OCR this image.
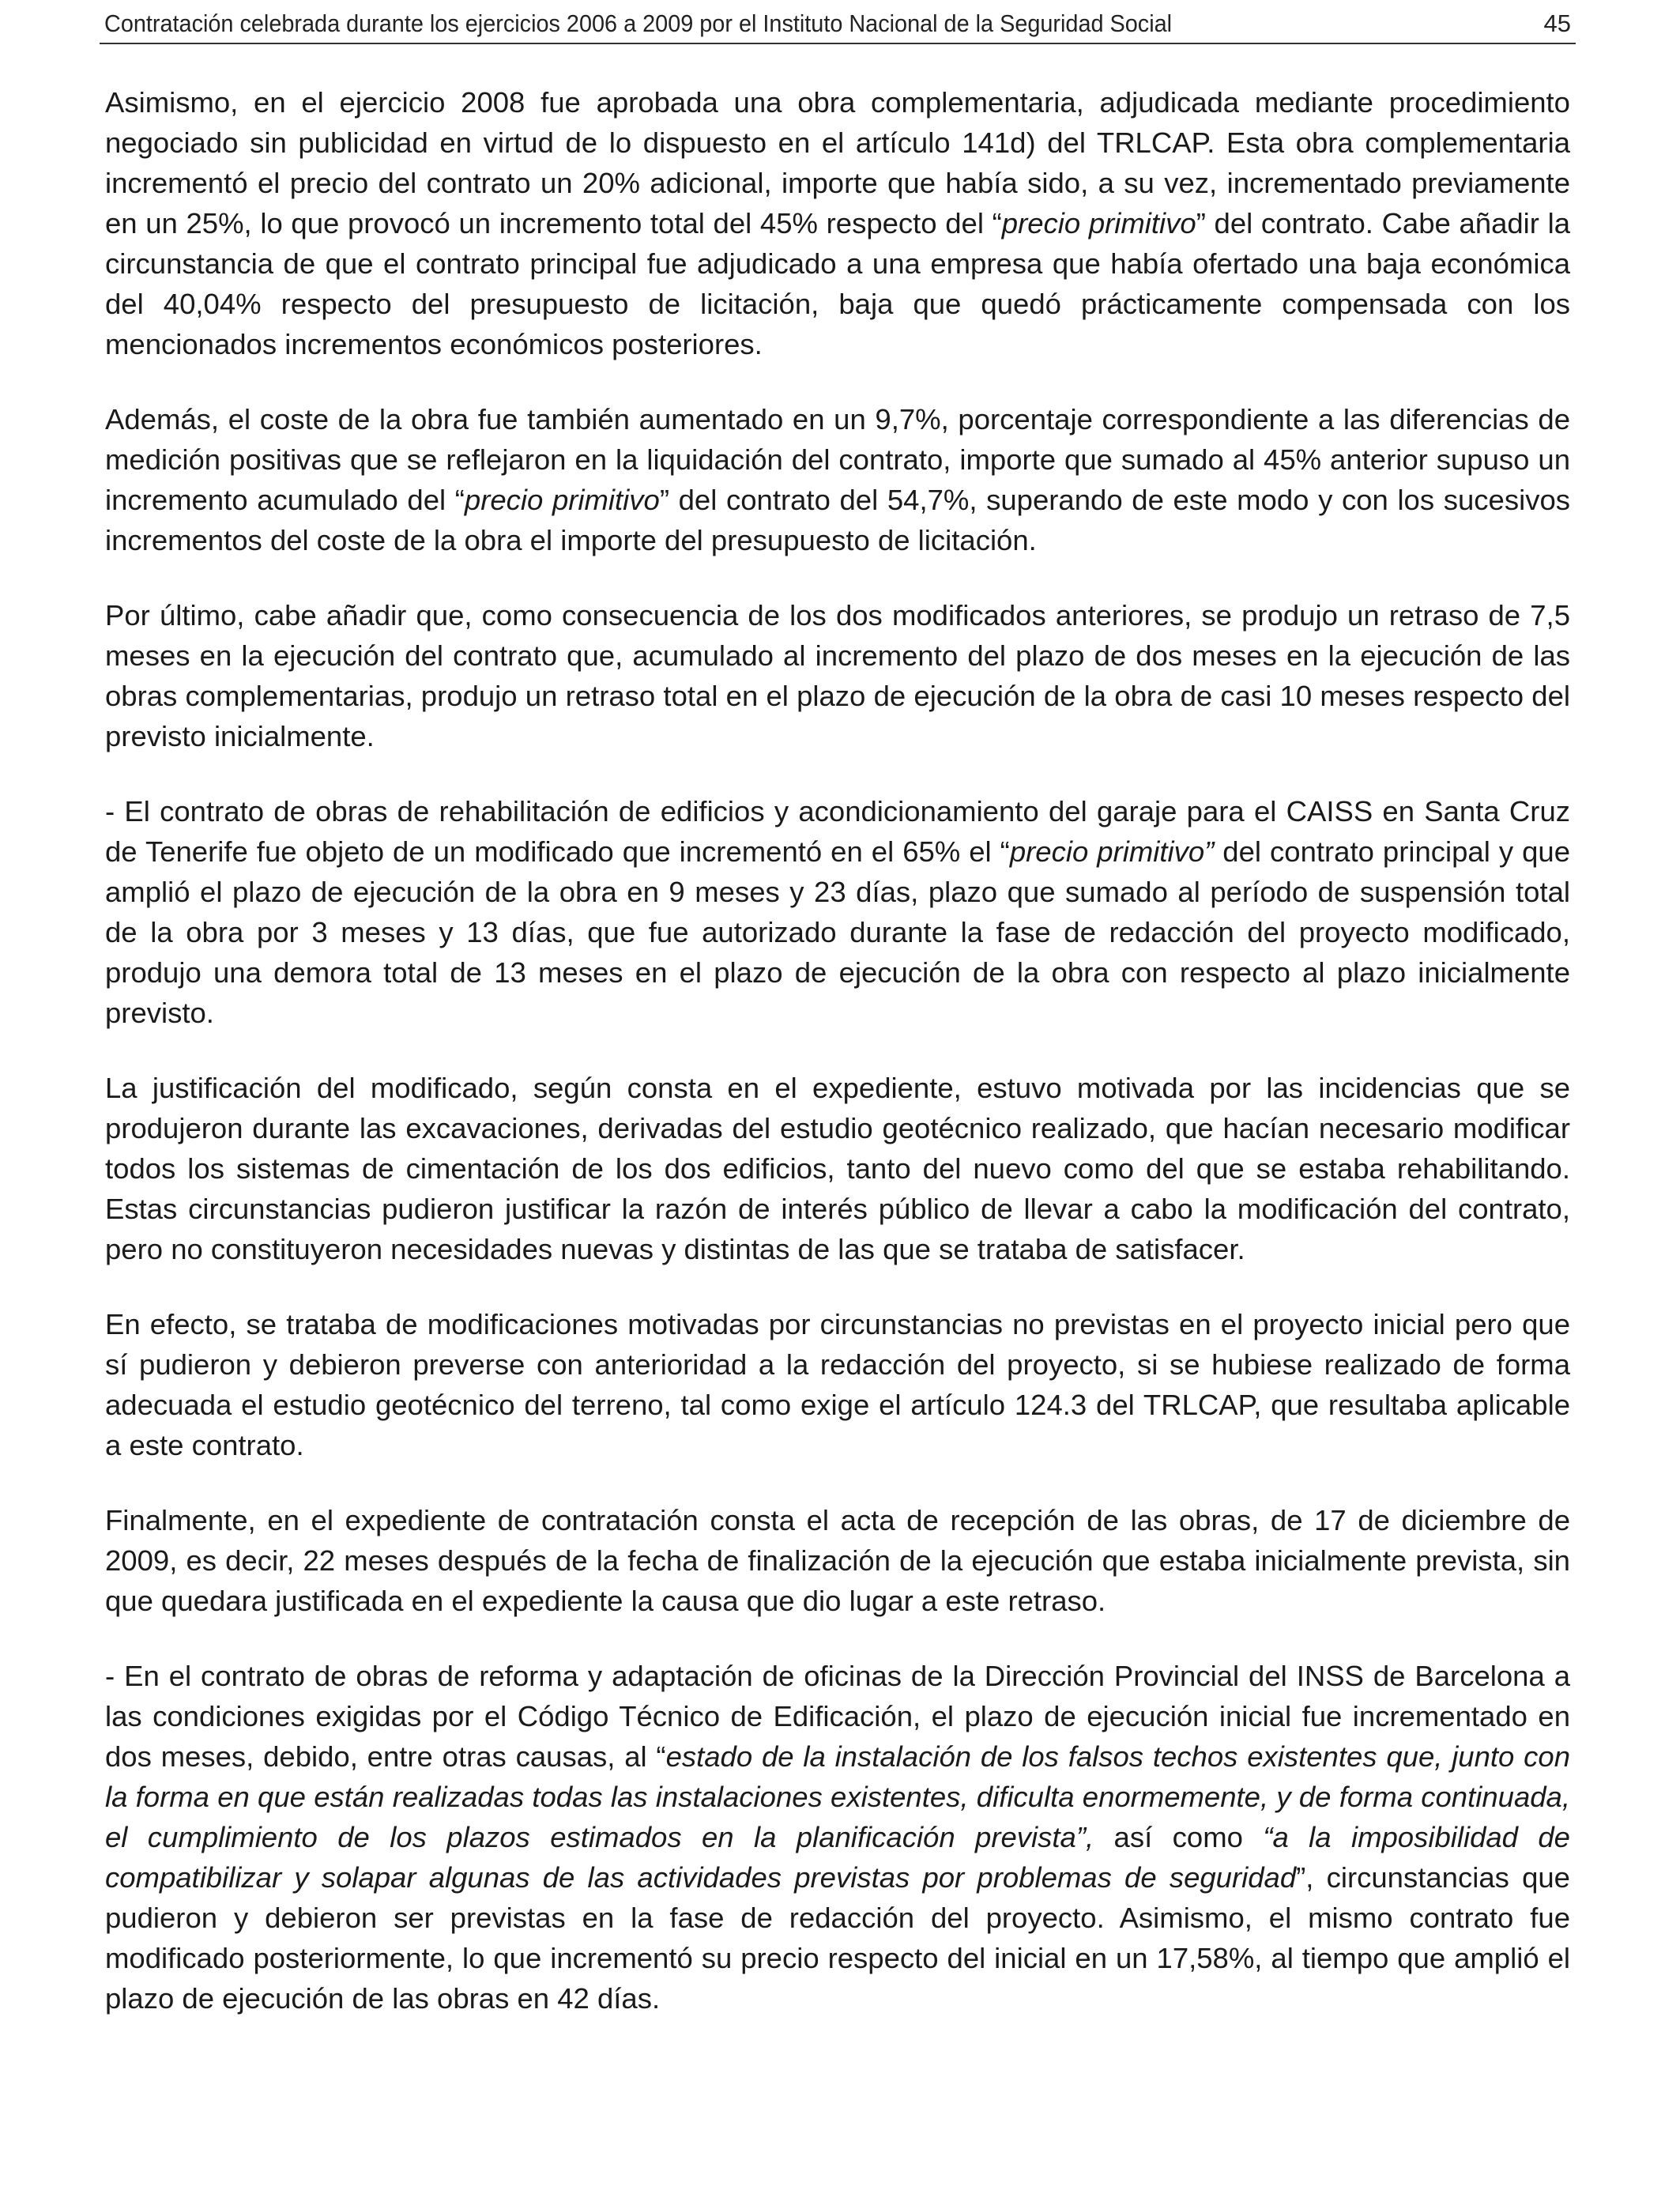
Contratación celebrada durante los ejercicios 2006 a 2009 por el Instituto Nacional de la Seguridad Social	45

Asimismo, en el ejercicio 2008 fue aprobada una obra complementaria, adjudicada mediante procedimiento negociado sin publicidad en virtud de lo dispuesto en el artículo 141d) del TRLCAP. Esta obra complementaria incrementó el precio del contrato un 20% adicional, importe que había sido, a su vez, incrementado previamente en un 25%, lo que provocó un incremento total del 45% respecto del “precio primitivo” del contrato. Cabe añadir la circunstancia de que el contrato principal fue adjudicado a una empresa que había ofertado una baja económica del 40,04% respecto del presupuesto de licitación, baja que quedó prácticamente compensada con los mencionados incrementos económicos posteriores.

Además, el coste de la obra fue también aumentado en un 9,7%, porcentaje correspondiente a las diferencias de medición positivas que se reflejaron en la liquidación del contrato, importe que sumado al 45% anterior supuso un incremento acumulado del “precio primitivo” del contrato del 54,7%, superando de este modo y con los sucesivos incrementos del coste de la obra el importe del presupuesto de licitación.

Por último, cabe añadir que, como consecuencia de los dos modificados anteriores, se produjo un retraso de 7,5 meses en la ejecución del contrato que, acumulado al incremento del plazo de dos meses en la ejecución de las obras complementarias, produjo un retraso total en el plazo de ejecución de la obra de casi 10 meses respecto del previsto inicialmente.

- El contrato de obras de rehabilitación de edificios y acondicionamiento del garaje para el CAISS en Santa Cruz de Tenerife fue objeto de un modificado que incrementó en el 65% el “precio primitivo” del contrato principal y que amplió el plazo de ejecución de la obra en 9 meses y 23 días, plazo que sumado al período de suspensión total de la obra por 3 meses y 13 días, que fue autorizado durante la fase de redacción del proyecto modificado, produjo una demora total de 13 meses en el plazo de ejecución de la obra con respecto al plazo inicialmente previsto.

La justificación del modificado, según consta en el expediente, estuvo motivada por las incidencias que se produjeron durante las excavaciones, derivadas del estudio geotécnico realizado, que hacían necesario modificar todos los sistemas de cimentación de los dos edificios, tanto del nuevo como del que se estaba rehabilitando. Estas circunstancias pudieron justificar la razón de interés público de llevar a cabo la modificación del contrato, pero no constituyeron necesidades nuevas y distintas de las que se trataba de satisfacer.

En efecto, se trataba de modificaciones motivadas por circunstancias no previstas en el proyecto inicial pero que sí pudieron y debieron preverse con anterioridad a la redacción del proyecto, si se hubiese realizado de forma adecuada el estudio geotécnico del terreno, tal como exige el artículo 124.3 del TRLCAP, que resultaba aplicable a este contrato.

Finalmente, en el expediente de contratación consta el acta de recepción de las obras, de 17 de diciembre de 2009, es decir, 22 meses después de la fecha de finalización de la ejecución que estaba inicialmente prevista, sin que quedara justificada en el expediente la causa que dio lugar a este retraso.

- En el contrato de obras de reforma y adaptación de oficinas de la Dirección Provincial del INSS de Barcelona a las condiciones exigidas por el Código Técnico de Edificación, el plazo de ejecución inicial fue incrementado en dos meses, debido, entre otras causas, al “estado de la instalación de los falsos techos existentes que, junto con la forma en que están realizadas todas las instalaciones existentes, dificulta enormemente, y de forma continuada, el cumplimiento de los plazos estimados en la planificación prevista”, así como “a la imposibilidad de compatibilizar y solapar algunas de las actividades previstas por problemas de seguridad”, circunstancias que pudieron y debieron ser previstas en la fase de redacción del proyecto. Asimismo, el mismo contrato fue modificado posteriormente, lo que incrementó su precio respecto del inicial en un 17,58%, al tiempo que amplió el plazo de ejecución de las obras en 42 días.
